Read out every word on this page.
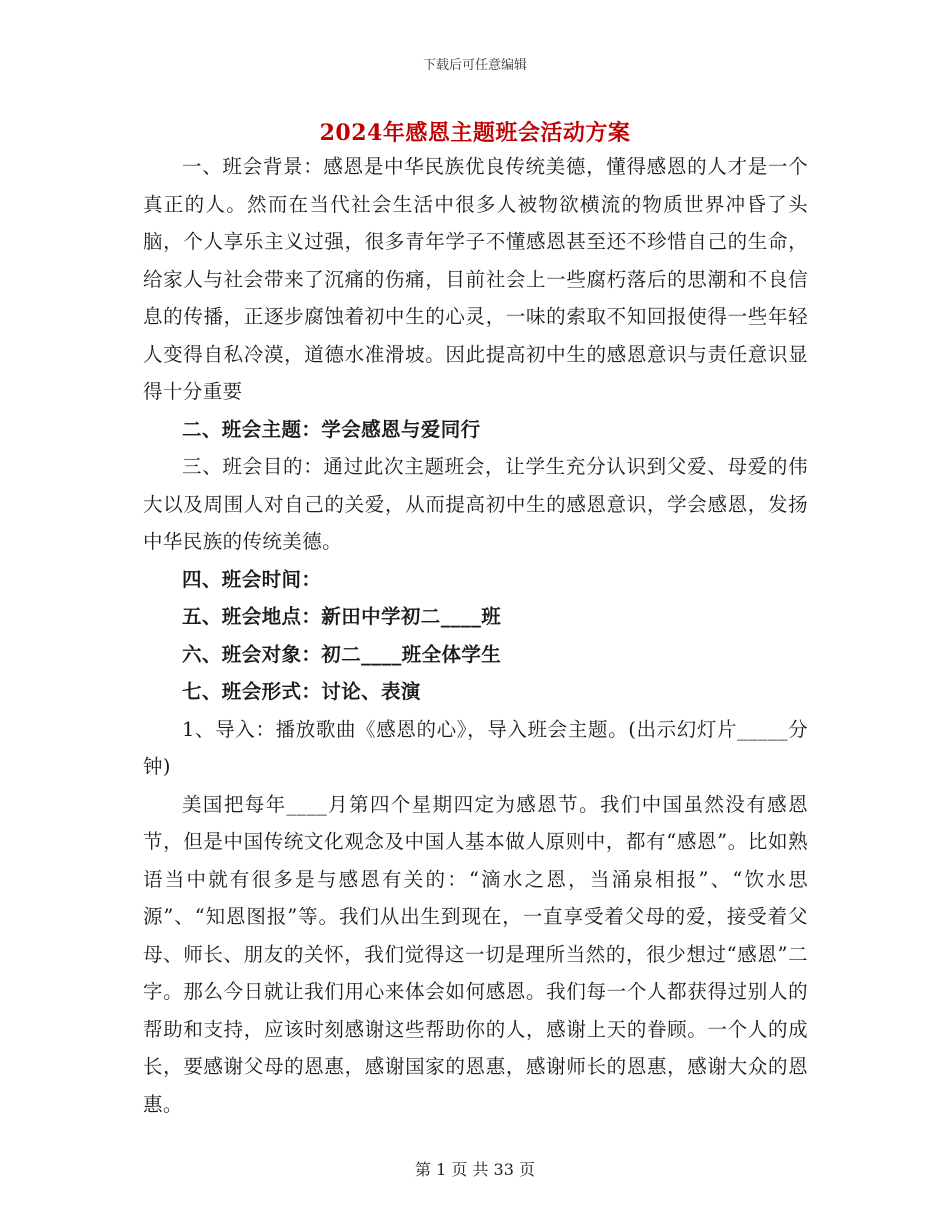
下载后可任意编辑
2024年感恩主题班会活动方案

一、班会背景：感恩是中华民族优良传统美德，懂得感恩的人才是一个真正的人。然而在当代社会生活中很多人被物欲横流的物质世界冲昏了头脑，个人享乐主义过强，很多青年学子不懂感恩甚至还不珍惜自己的生命，给家人与社会带来了沉痛的伤痛，目前社会上一些腐朽落后的思潮和不良信息的传播，正逐步腐蚀着初中生的心灵，一味的索取不知回报使得一些年轻人变得自私冷漠，道德水准滑坡。因此提高初中生的感恩意识与责任意识显得十分重要

二、班会主题：学会感恩与爱同行

三、班会目的：通过此次主题班会，让学生充分认识到父爱、母爱的伟大以及周围人对自己的关爱，从而提高初中生的感恩意识，学会感恩，发扬中华民族的传统美德。

四、班会时间：

五、班会地点：新田中学初二____班

六、班会对象：初二____班全体学生

七、班会形式：讨论、表演

1、导入：播放歌曲《感恩的心》，导入班会主题。(出示幻灯片_____分钟)

美国把每年____月第四个星期四定为感恩节。我们中国虽然没有感恩节，但是中国传统文化观念及中国人基本做人原则中，都有“感恩”。比如熟语当中就有很多是与感恩有关的：“滴水之恩，当涌泉相报”、“饮水思源”、“知恩图报”等。我们从出生到现在，一直享受着父母的爱，接受着父母、师长、朋友的关怀，我们觉得这一切是理所当然的，很少想过“感恩”二字。那么今日就让我们用心来体会如何感恩。我们每一个人都获得过别人的帮助和支持，应该时刻感谢这些帮助你的人，感谢上天的眷顾。一个人的成长，要感谢父母的恩惠，感谢国家的恩惠，感谢师长的恩惠，感谢大众的恩惠。

第 1 页 共 33 页
